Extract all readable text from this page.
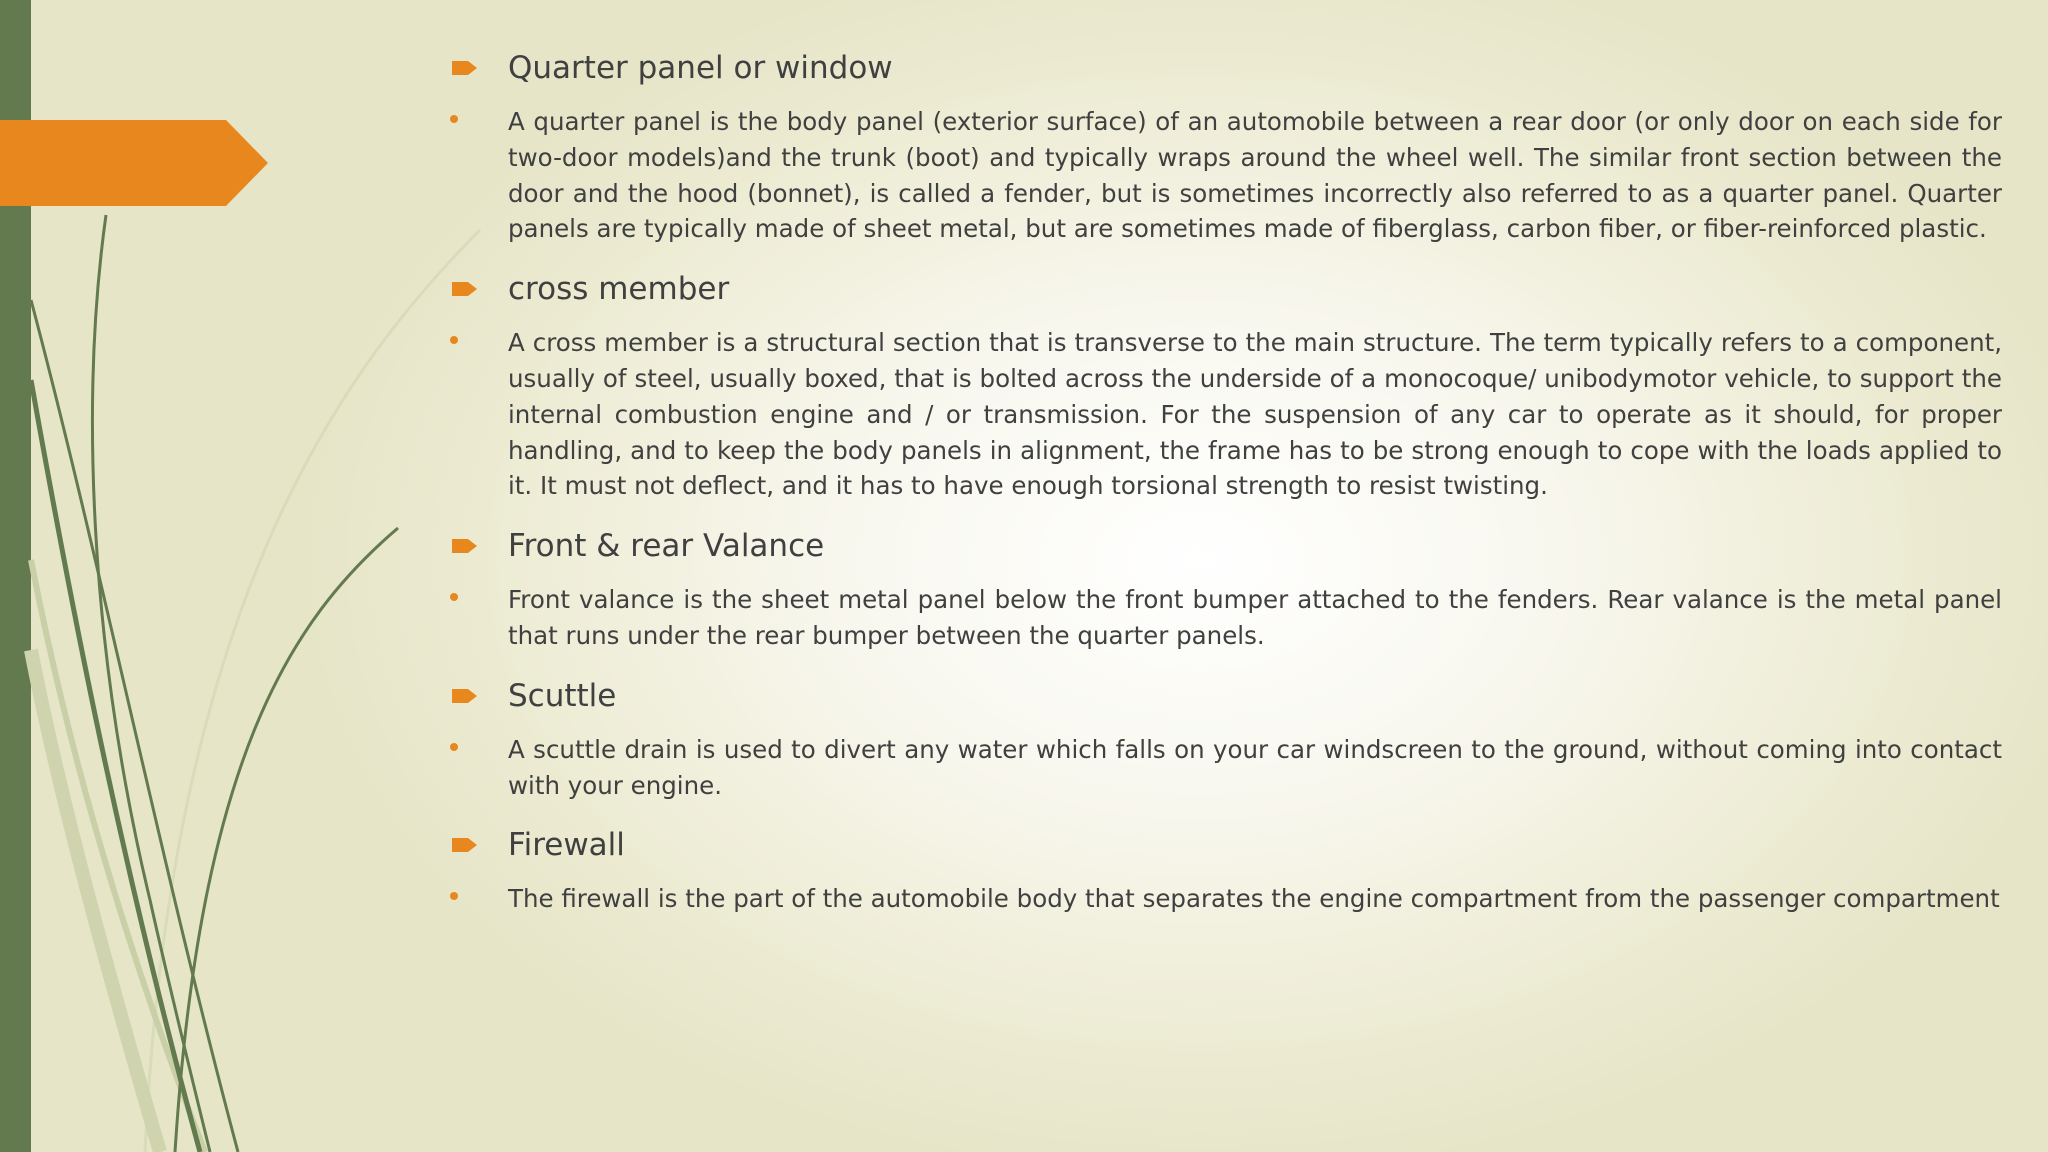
Quarter panel or window

A quarter panel is the body panel (exterior surface) of an automobile between a rear door (or only door on each side for two-door models)and the trunk (boot) and typically wraps around the wheel well. The similar front section between the door and the hood (bonnet), is called a fender, but is sometimes incorrectly also referred to as a quarter panel. Quarter panels are typically made of sheet metal, but are sometimes made of fiberglass, carbon fiber, or fiber-reinforced plastic.

cross member

A cross member is a structural section that is transverse to the main structure. The term typically refers to a component, usually of steel, usually boxed, that is bolted across the underside of a monocoque/ unibodymotor vehicle, to support the internal combustion engine and / or transmission. For the suspension of any car to operate as it should, for proper handling, and to keep the body panels in alignment, the frame has to be strong enough to cope with the loads applied to it. It must not deflect, and it has to have enough torsional strength to resist twisting.

Front & rear Valance

Front valance is the sheet metal panel below the front bumper attached to the fenders. Rear valance is the metal panel that runs under the rear bumper between the quarter panels.

Scuttle

A scuttle drain is used to divert any water which falls on your car windscreen to the ground, without coming into contact with your engine.

Firewall

The firewall is the part of the automobile body that separates the engine compartment from the passenger compartment
